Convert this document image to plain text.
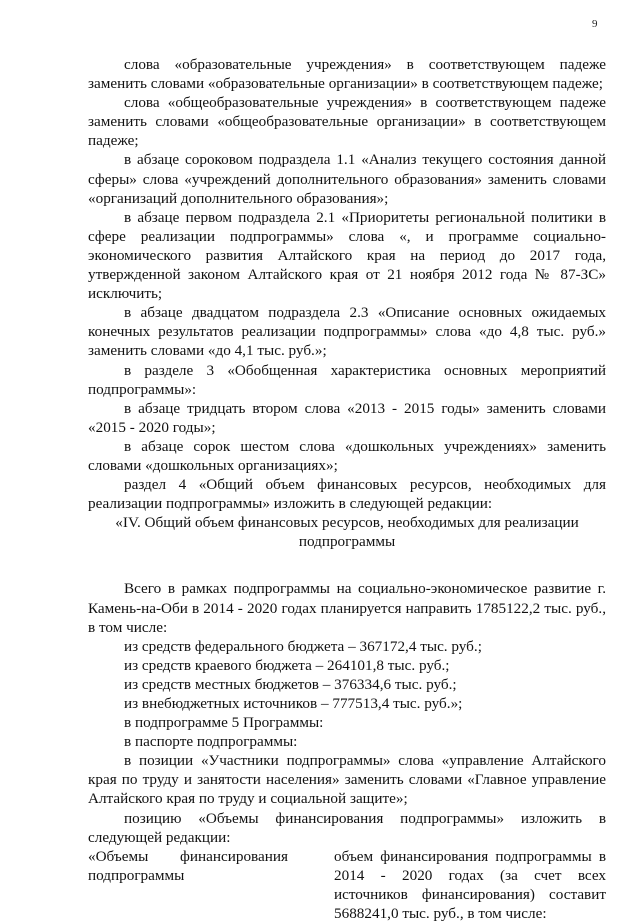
9

слова «образовательные учреждения» в соответствующем падеже заменить словами «образовательные организации» в соответствующем падеже;

слова «общеобразовательные учреждения» в соответствующем падеже заменить словами «общеобразовательные организации» в соответствующем падеже;

в абзаце сороковом подраздела 1.1 «Анализ текущего состояния данной сферы» слова «учреждений дополнительного образования» заменить словами «организаций дополнительного образования»;

в абзаце первом подраздела 2.1 «Приоритеты региональной политики в сфере реализации подпрограммы» слова «, и программе социально-экономического развития Алтайского края на период до 2017 года, утвержденной законом Алтайского края от 21 ноября 2012 года № 87-ЗС» исключить;

в абзаце двадцатом подраздела 2.3 «Описание основных ожидаемых конечных результатов реализации подпрограммы» слова «до 4,8 тыс. руб.» заменить словами «до 4,1 тыс. руб.»;

в разделе 3 «Обобщенная характеристика основных мероприятий подпрограммы»:

в абзаце тридцать втором слова «2013 - 2015 годы» заменить словами «2015 - 2020 годы»;

в абзаце сорок шестом слова «дошкольных учреждениях» заменить словами «дошкольных организациях»;

раздел 4 «Общий объем финансовых ресурсов, необходимых для реализации подпрограммы» изложить в следующей редакции:

«IV. Общий объем финансовых ресурсов, необходимых для реализации подпрограммы

Всего в рамках подпрограммы на социально-экономическое развитие г. Камень-на-Оби в 2014 - 2020 годах планируется направить 1785122,2 тыс. руб., в том числе:

из средств федерального бюджета – 367172,4 тыс. руб.;

из средств краевого бюджета – 264101,8 тыс. руб.;

из средств местных бюджетов – 376334,6 тыс. руб.;

из внебюджетных источников – 777513,4 тыс. руб.»;

в подпрограмме 5 Программы:

в паспорте подпрограммы:

в позиции «Участники подпрограммы» слова «управление Алтайского края по труду и занятости населения» заменить словами «Главное управление Алтайского края по труду и социальной защите»;

позицию «Объемы финансирования подпрограммы» изложить в следующей редакции:

«Объемы финансирования подпрограммы

объем финансирования подпрограммы в 2014 - 2020 годах (за счет всех источников финансирования) составит 5688241,0 тыс. руб., в том числе:
